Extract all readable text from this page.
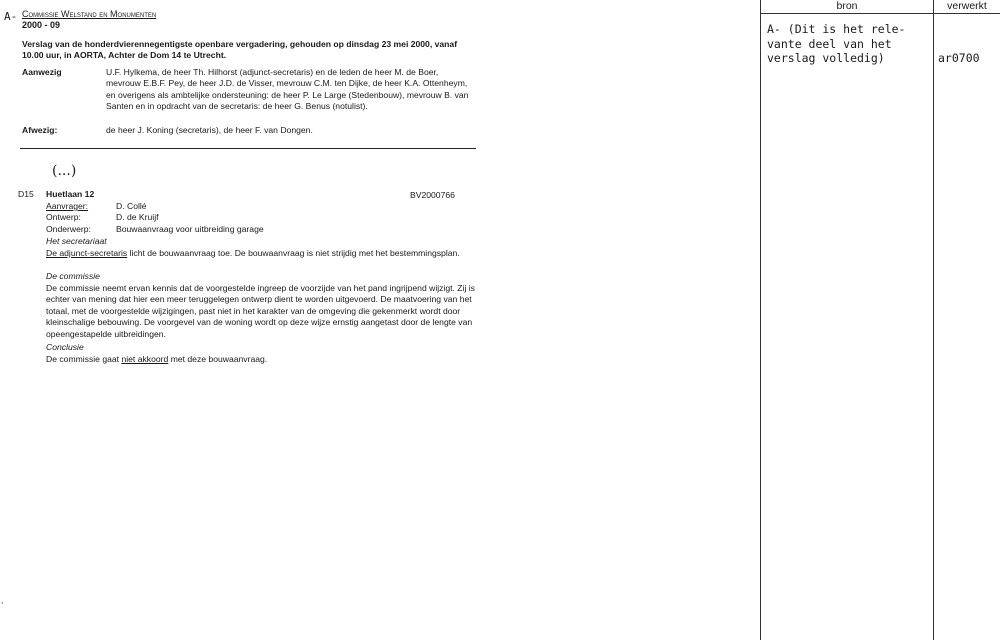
A- Commissie Welstand en Monumenten
2000 - 09
Verslag van de honderdvierennegentigste openbare vergadering, gehouden op dinsdag 23 mei 2000, vanaf 10.00 uur, in AORTA, Achter de Dom 14 te Utrecht.
Aanwezig	U.F. Hylkema, de heer Th. Hilhorst (adjunct-secretaris) en de leden de heer M. de Boer, mevrouw E.B.F. Pey, de heer J.D. de Visser, mevrouw C.M. ten Dijke, de heer K.A. Ottenheym, en overigens als ambtelijke ondersteuning: de heer P. Le Large (Stedenbouw), mevrouw B. van Santen en in opdracht van de secretaris: de heer G. Benus (notulist).
Afwezig:	de heer J. Koning (secretaris), de heer F. van Dongen.
(...)
D15 Huetlaan 12	BV2000766
Aanvrager:	D. Collé
Ontwerp:	D. de Kruijf
Onderwerp:	Bouwaanvraag voor uitbreiding garage
Het secretariaat
De adjunct-secretaris licht de bouwaanvraag toe. De bouwaanvraag is niet strijdig met het bestemmingsplan.
De commissie
De commissie neemt ervan kennis dat de voorgestelde ingreep de voorzijde van het pand ingrijpend wijzigt. Zij is echter van mening dat hier een meer teruggelegen ontwerp dient te worden uitgevoerd. De maatvoering van het totaal, met de voorgestelde wijzigingen, past niet in het karakter van de omgeving die gekenmerkt wordt door kleinschalige bebouwing. De voorgevel van de woning wordt op deze wijze ernstig aangetast door de lengte van opeengestapelde uitbreidingen.
Conclusie
De commissie gaat niet akkoord met deze bouwaanvraag.
,
bron	verwerkt
A- (Dit is het rele-
vante deel van het
verslag volledig)	ar0700
